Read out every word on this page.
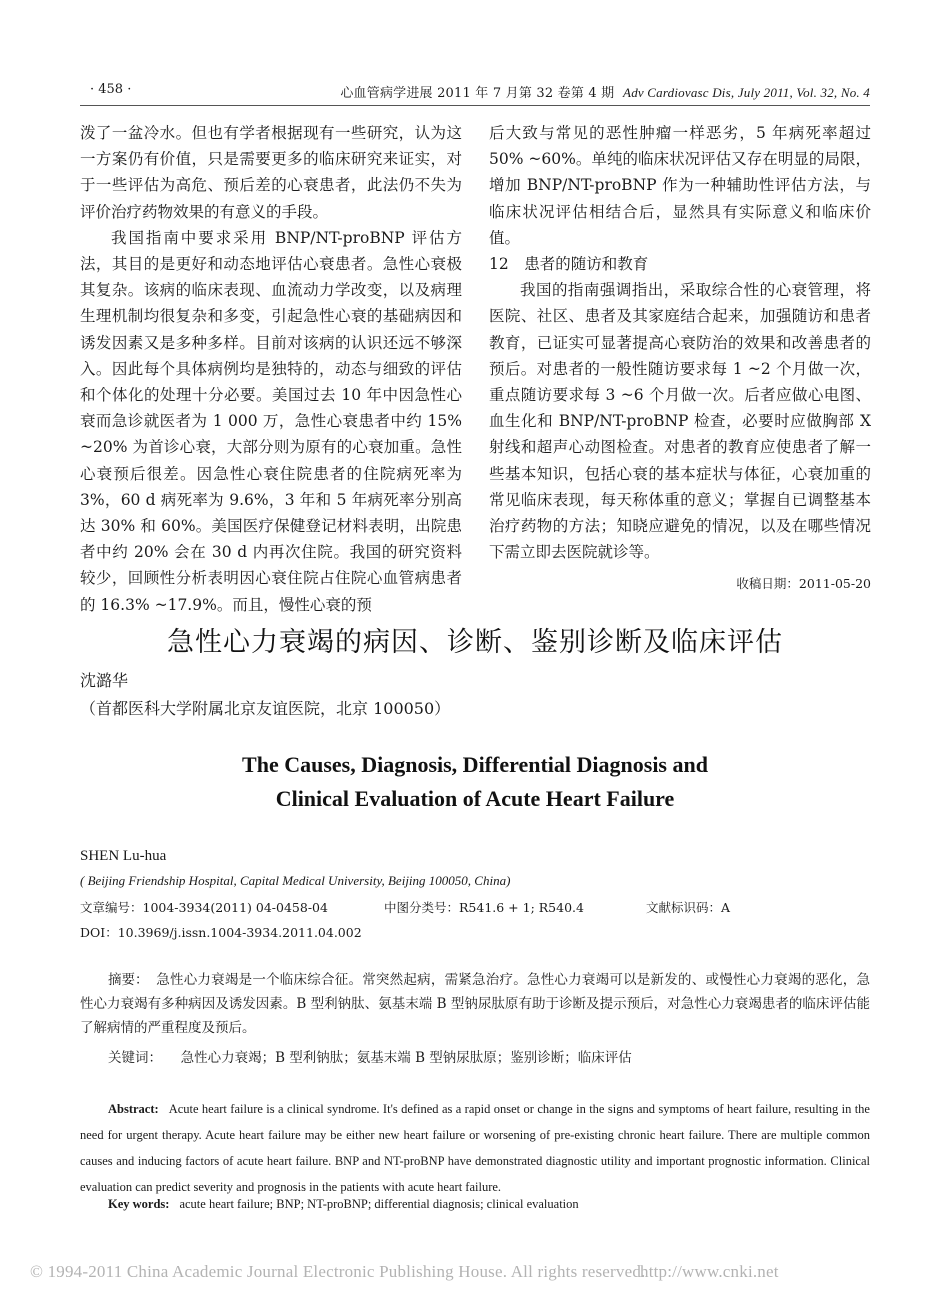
· 458 ·	心血管病学进展 2011 年 7 月第 32 卷第 4 期 Adv Cardiovasc Dis, July 2011, Vol. 32, No. 4

泼了一盆冷水。但也有学者根据现有一些研究，认为这一方案仍有价值，只是需要更多的临床研究来证实，对于一些评估为高危、预后差的心衰患者，此法仍不失为评价治疗药物效果的有意义的手段。

我国指南中要求采用 BNP/NT-proBNP 评估方法，其目的是更好和动态地评估心衰患者。急性心衰极其复杂。该病的临床表现、血流动力学改变，以及病理生理机制均很复杂和多变，引起急性心衰的基础病因和诱发因素又是多种多样。目前对该病的认识还远不够深入。因此每个具体病例均是独特的，动态与细致的评估和个体化的处理十分必要。美国过去 10 年中因急性心衰而急诊就医者为 1 000 万，急性心衰患者中约 15% ~20% 为首诊心衰，大部分则为原有的心衰加重。急性心衰预后很差。因急性心衰住院患者的住院病死率为 3%，60 d 病死率为 9.6%，3 年和 5 年病死率分别高达 30% 和 60%。美国医疗保健登记材料表明，出院患者中约 20% 会在 30 d 内再次住院。我国的研究资料较少，回顾性分析表明因心衰住院占住院心血管病患者的 16.3% ~17.9%。而且，慢性心衰的预

后大致与常见的恶性肿瘤一样恶劣，5 年病死率超过 50% ~60%。单纯的临床状况评估又存在明显的局限，增加 BNP/NT-proBNP 作为一种辅助性评估方法，与临床状况评估相结合后，显然具有实际意义和临床价值。

12　患者的随访和教育

我国的指南强调指出，采取综合性的心衰管理，将医院、社区、患者及其家庭结合起来，加强随访和患者教育，已证实可显著提高心衰防治的效果和改善患者的预后。对患者的一般性随访要求每 1 ~2 个月做一次，重点随访要求每 3 ~6 个月做一次。后者应做心电图、血生化和 BNP/NT-proBNP 检查，必要时应做胸部 X 射线和超声心动图检查。对患者的教育应使患者了解一些基本知识，包括心衰的基本症状与体征，心衰加重的常见临床表现，每天称体重的意义；掌握自已调整基本治疗药物的方法；知晓应避免的情况，以及在哪些情况下需立即去医院就诊等。

收稿日期：2011-05-20

急性心力衰竭的病因、诊断、鉴别诊断及临床评估
沈潞华
（首都医科大学附属北京友谊医院，北京 100050）
The Causes, Diagnosis, Differential Diagnosis and
Clinical Evaluation of Acute Heart Failure
SHEN Lu-hua
( Beijing Friendship Hospital, Capital Medical University, Beijing 100050, China)
文章编号：1004-3934(2011) 04-0458-04	中图分类号：R541.6 + 1; R540.4	文献标识码：A
DOI：10.3969/j.issn.1004-3934.2011.04.002
摘要： 急性心力衰竭是一个临床综合征。常突然起病，需紧急治疗。急性心力衰竭可以是新发的、或慢性心力衰竭的恶化，急性心力衰竭有多种病因及诱发因素。B 型利钠肽、氨基末端 B 型钠尿肽原有助于诊断及提示预后，对急性心力衰竭患者的临床评估能了解病情的严重程度及预后。
关键词： 急性心力衰竭；B 型利钠肽；氨基末端 B 型钠尿肽原；鉴别诊断；临床评估
Abstract: Acute heart failure is a clinical syndrome. It's defined as a rapid onset or change in the signs and symptoms of heart failure, resulting in the need for urgent therapy. Acute heart failure may be either new heart failure or worsening of pre-existing chronic heart failure. There are multiple common causes and inducing factors of acute heart failure. BNP and NT-proBNP have demonstrated diagnostic utility and important prognostic information. Clinical evaluation can predict severity and prognosis in the patients with acute heart failure.
Key words: acute heart failure; BNP; NT-proBNP; differential diagnosis; clinical evaluation
© 1994-2011 China Academic Journal Electronic Publishing House. All rights reserved.
http://www.cnki.net
